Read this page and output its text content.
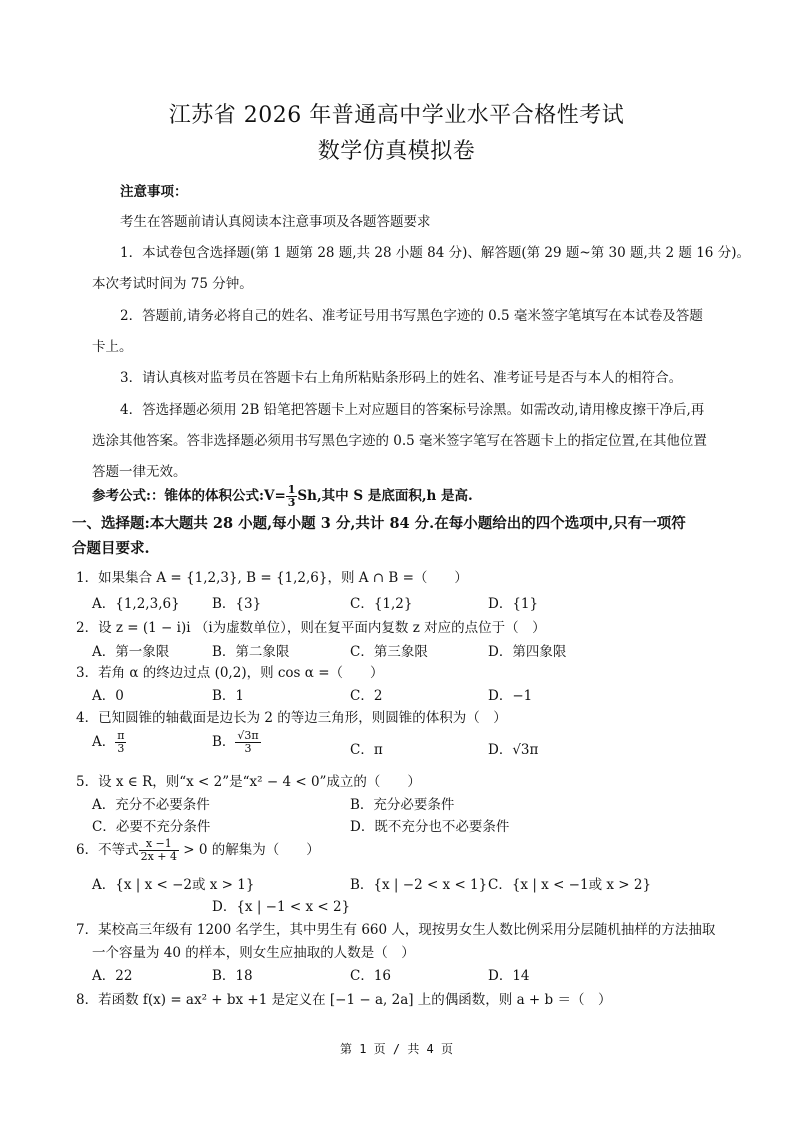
江苏省 2026 年普通高中学业水平合格性考试
数学仿真模拟卷
注意事项：
考生在答题前请认真阅读本注意事项及各题答题要求
1．本试卷包含选择题(第 1 题第 28 题,共 28 小题 84 分)、解答题(第 29 题~第 30 题,共 2 题 16 分)。
本次考试时间为 75 分钟。
2．答题前,请务必将自己的姓名、准考证号用书写黑色字迹的 0.5 毫米签字笔填写在本试卷及答题
卡上。
3．请认真核对监考员在答题卡右上角所粘贴条形码上的姓名、准考证号是否与本人的相符合。
4．答选择题必须用 2B 铅笔把答题卡上对应题目的答案标号涂黑。如需改动,请用橡皮擦干净后,再
选涂其他答案。答非选择题必须用书写黑色字迹的 0.5 毫米签字笔写在答题卡上的指定位置,在其他位置
答题一律无效。
参考公式:：锥体的体积公式:V= $\frac{1}{3} Sh$,其中 S 是底面积,h 是高.
一、选择题:本大题共 28 小题,每小题 3 分,共计 84 分.在每小题给出的四个选项中,只有一项符
合题目要求.
1．如果集合 A = {1,2,3}, B = {1,2,6}，则 A ∩ B =（　　）
A．{1,2,3,6} B．{3}	C．{1,2}	D．{1}
2．设 z = (1 − i)i （i为虚数单位），则在复平面内复数 z 对应的点位于（　）
A．第一象限	B．第二象限	C．第三象限	D．第四象限
3．若角 α 的终边过点 (0,2)，则 cos α =（　　）
A．0	B．1	C．2	D．−1
4．已知圆锥的轴截面是边长为 2 的等边三角形，则圆锥的体积为（　）
A． $\frac{\pi}{3}$	B． $\frac{√3\pi}{3}$	C．π	D．√3π
5．设 x ∈ R，则“x < 2”是“x² − 4 < 0”成立的（　　）
A．充分不必要条件	B．充分必要条件
C．必要不充分条件	D．既不充分也不必要条件
6．不等式 $\frac{x -1}{2x + 4} > 0$ 的解集为（　　）
A．{x | x < −2或 x > 1}	B．{x | −2 < x < 1} C．{x | x < −1或 x > 2}
D．{x | −1 < x < 2}
7．某校高三年级有 1200 名学生，其中男生有 660 人，现按男女生人数比例采用分层随机抽样的方法抽取
一个容量为 40 的样本，则女生应抽取的人数是（　）
A．22	B．18	C．16	D．14
8．若函数 f(x) = ax² + bx +1 是定义在 [−1 − a, 2a] 上的偶函数，则 a + b ＝（　）
第 1 页 / 共 4 页
